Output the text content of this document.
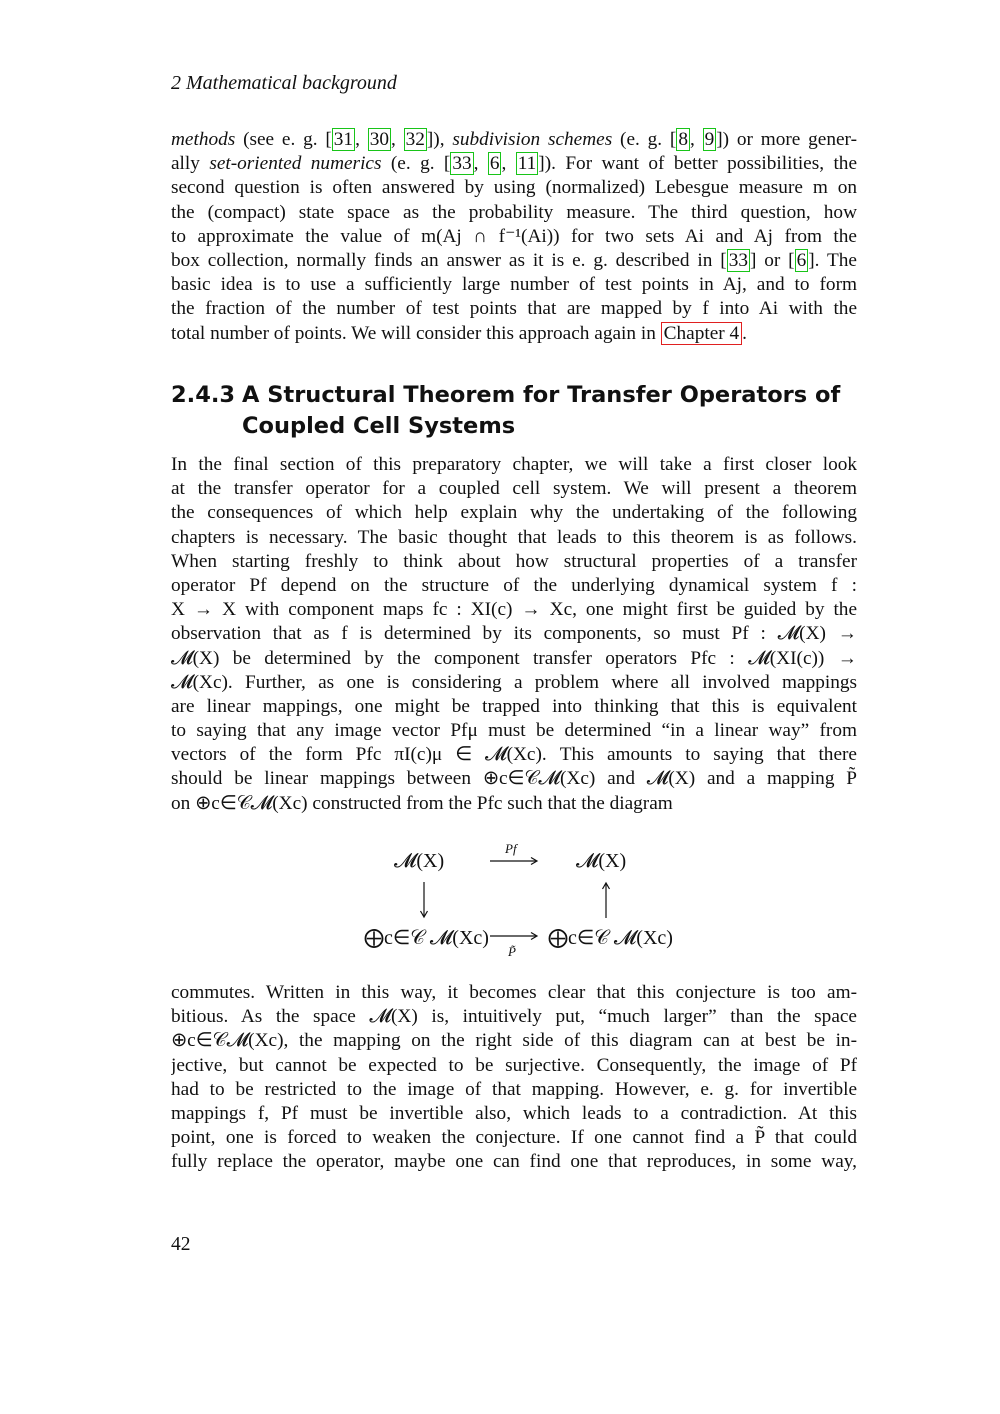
2 Mathematical background
methods (see e. g. [ 31 , 30 , 32 ]), subdivision schemes (e. g. [ 8 , 9 ]) or more gener-
ally set-oriented numerics (e. g. [ 33 , 6 , 11 ]). For want of better possibilities, the
second question is often answered by using (normalized) Lebesgue measure m on
the (compact) state space as the probability measure. The third question, how
to approximate the value of m(Aj ∩ f⁻¹(Ai)) for two sets Ai and Aj from the
box collection, normally finds an answer as it is e. g. described in [ 33 ] or [ 6 ]. The
basic idea is to use a sufficiently large number of test points in Aj, and to form
the fraction of the number of test points that are mapped by f into Ai with the
total number of points. We will consider this approach again in Chapter 4 .
2.4.3 A Structural Theorem for Transfer Operators of
Coupled Cell Systems
In the final section of this preparatory chapter, we will take a first closer look
at the transfer operator for a coupled cell system. We will present a theorem
the consequences of which help explain why the undertaking of the following
chapters is necessary. The basic thought that leads to this theorem is as follows.
When starting freshly to think about how structural properties of a transfer
operator Pf depend on the structure of the underlying dynamical system f :
X → X with component maps fc : XI(c) → Xc, one might first be guided by the
observation that as f is determined by its components, so must Pf : 𝓜(X) →
𝓜(X) be determined by the component transfer operators Pfc : 𝓜(XI(c)) →
𝓜(Xc). Further, as one is considering a problem where all involved mappings
are linear mappings, one might be trapped into thinking that this is equivalent
to saying that any image vector Pfμ must be determined “in a linear way” from
vectors of the form Pfc πI(c)μ ∈ 𝓜(Xc). This amounts to saying that there
should be linear mappings between ⊕c∈𝒞𝓜(Xc) and 𝓜(X) and a mapping P̃
on ⊕c∈𝒞𝓜(Xc) constructed from the Pfc such that the diagram
𝓜(X)	𝓜(X)
⨁c∈𝒞 𝓜(Xc)	⨁c∈𝒞 𝓜(Xc)
Pf
P̃
commutes. Written in this way, it becomes clear that this conjecture is too am-
bitious. As the space 𝓜(X) is, intuitively put, “much larger” than the space
⊕c∈𝒞𝓜(Xc), the mapping on the right side of this diagram can at best be in-
jective, but cannot be expected to be surjective. Consequently, the image of Pf
had to be restricted to the image of that mapping. However, e. g. for invertible
mappings f, Pf must be invertible also, which leads to a contradiction. At this
point, one is forced to weaken the conjecture. If one cannot find a P̃ that could
fully replace the operator, maybe one can find one that reproduces, in some way,
42
